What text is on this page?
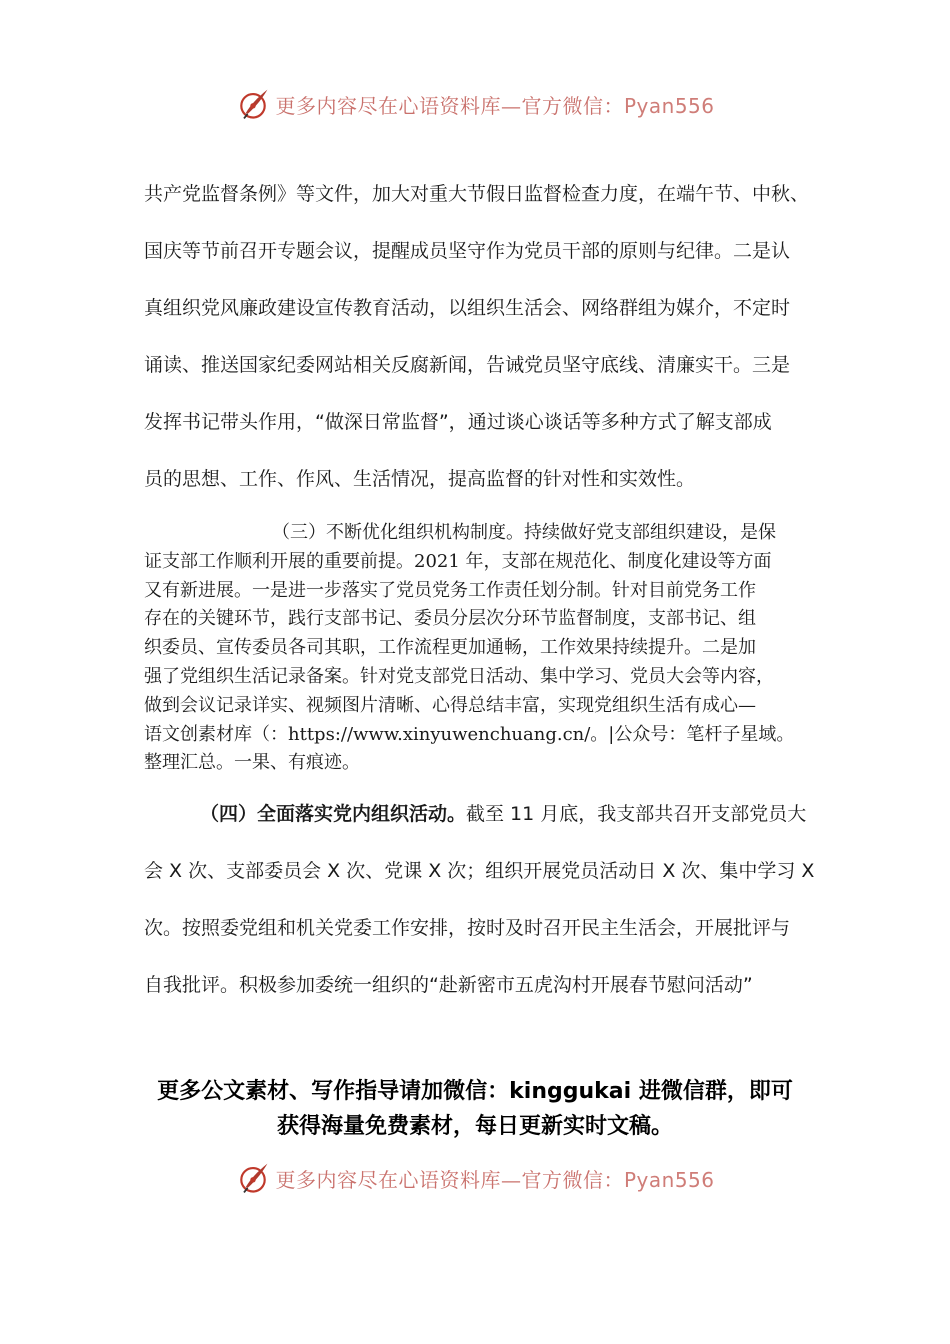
更多内容尽在心语资料库—官方微信：Pyan556
共产党监督条例》等文件，加大对重大节假日监督检查力度，在端午节、中秋、
国庆等节前召开专题会议，提醒成员坚守作为党员干部的原则与纪律。二是认
真组织党风廉政建设宣传教育活动，以组织生活会、网络群组为媒介，不定时
诵读、推送国家纪委网站相关反腐新闻，告诫党员坚守底线、清廉实干。三是
发挥书记带头作用，“做深日常监督”，通过谈心谈话等多种方式了解支部成
员的思想、工作、作风、生活情况，提高监督的针对性和实效性。
（三）不断优化组织机构制度。持续做好党支部组织建设，是保
证支部工作顺利开展的重要前提。2021 年，支部在规范化、制度化建设等方面
又有新进展。一是进一步落实了党员党务工作责任划分制。针对目前党务工作
存在的关键环节，践行支部书记、委员分层次分环节监督制度，支部书记、组
织委员、宣传委员各司其职，工作流程更加通畅，工作效果持续提升。二是加
强了党组织生活记录备案。针对党支部党日活动、集中学习、党员大会等内容，
做到会议记录详实、视频图片清晰、心得总结丰富，实现党组织生活有成心—
语文创素材库（：https://www.xinyuwenchuang.cn/。|公众号：笔杆子星域。
整理汇总。一果、有痕迹。
（四）全面落实党内组织活动。截至 11 月底，我支部共召开支部党员大
会 X 次、支部委员会 X 次、党课 X 次；组织开展党员活动日 X 次、集中学习 X
次。按照委党组和机关党委工作安排，按时及时召开民主生活会，开展批评与
自我批评。积极参加委统一组织的“赴新密市五虎沟村开展春节慰问活动”
更多公文素材、写作指导请加微信：kinggukai 进微信群，即可
获得海量免费素材，每日更新实时文稿。
更多内容尽在心语资料库—官方微信：Pyan556
